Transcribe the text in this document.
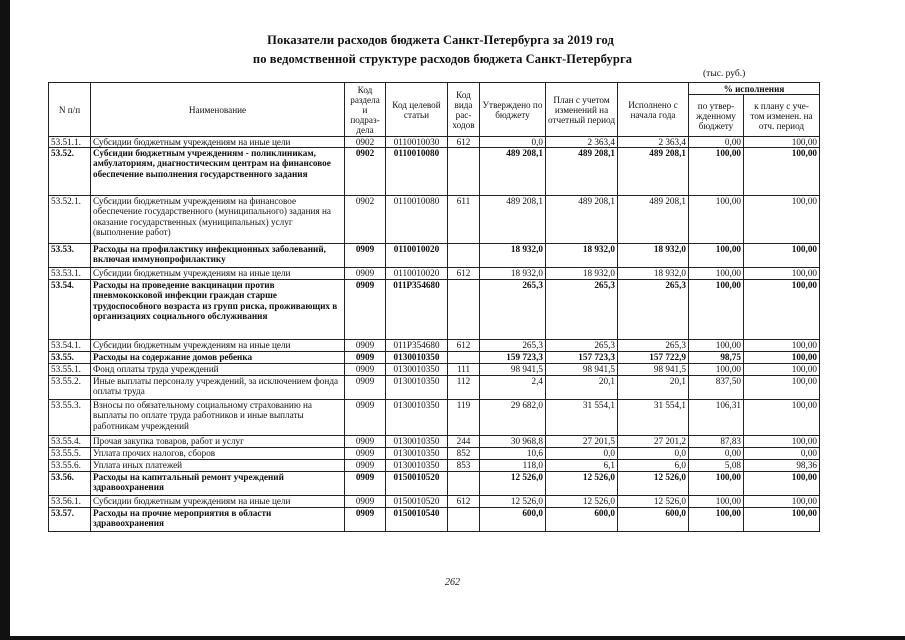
Показатели расходов бюджета Санкт-Петербурга за 2019 год
по ведомственной структуре расходов бюджета Санкт-Петербурга
(тыс. руб.)
N п/п	Наименование	Код раздела и подраз- дела	Код целевой статьи	Код вида рас- ходов	Утверждено по бюджету	План с учетом изменений на отчетный период	Исполнено с начала года	% исполнения	
								по утвер- жденному бюджету	к плану с уче- том изменен. на отч. период
53.51.1.	Субсидии бюджетным учреждениям на иные цели	0902	0110010030	612	0,0	2 363,4	2 363,4	0,00	100,00
53.52.	Субсидии бюджетным учреждениям - поликлиникам, амбулаториям, диагностическим центрам на финансовое обеспечение выполнения государственного задания	0902	0110010080		489 208,1	489 208,1	489 208,1	100,00	100,00
53.52.1.	Субсидии бюджетным учреждениям на финансовое обеспечение государственного (муниципального) задания на оказание государственных (муниципальных) услуг (выполнение работ)	0902	0110010080	611	489 208,1	489 208,1	489 208,1	100,00	100,00
53.53.	Расходы на профилактику инфекционных заболеваний, включая иммунопрофилактику	0909	0110010020		18 932,0	18 932,0	18 932,0	100,00	100,00
53.53.1.	Субсидии бюджетным учреждениям на иные цели	0909	0110010020	612	18 932,0	18 932,0	18 932,0	100,00	100,00
53.54.	Расходы на проведение вакцинации против пневмококковой инфекции граждан старше трудоспособного возраста из групп риска, проживающих в организациях социального обслуживания	0909	011P354680		265,3	265,3	265,3	100,00	100,00
53.54.1.	Субсидии бюджетным учреждениям на иные цели	0909	011P354680	612	265,3	265,3	265,3	100,00	100,00
53.55.	Расходы на содержание домов ребенка	0909	0130010350		159 723,3	157 723,3	157 722,9	98,75	100,00
53.55.1.	Фонд оплаты труда учреждений	0909	0130010350	111	98 941,5	98 941,5	98 941,5	100,00	100,00
53.55.2.	Иные выплаты персоналу учреждений, за исключением фонда оплаты труда	0909	0130010350	112	2,4	20,1	20,1	837,50	100,00
53.55.3.	Взносы по обязательному социальному страхованию на выплаты по оплате труда работников и иные выплаты работникам учреждений	0909	0130010350	119	29 682,0	31 554,1	31 554,1	106,31	100,00
53.55.4.	Прочая закупка товаров, работ и услуг	0909	0130010350	244	30 968,8	27 201,5	27 201,2	87,83	100,00
53.55.5.	Уплата прочих налогов, сборов	0909	0130010350	852	10,6	0,0	0,0	0,00	0,00
53.55.6.	Уплата иных платежей	0909	0130010350	853	118,0	6,1	6,0	5,08	98,36
53.56.	Расходы на капитальный ремонт учреждений здравоохранения	0909	0150010520		12 526,0	12 526,0	12 526,0	100,00	100,00
53.56.1.	Субсидии бюджетным учреждениям на иные цели	0909	0150010520	612	12 526,0	12 526,0	12 526,0	100,00	100,00
53.57.	Расходы на прочие мероприятия в области здравоохранения	0909	0150010540		600,0	600,0	600,0	100,00	100,00
262
